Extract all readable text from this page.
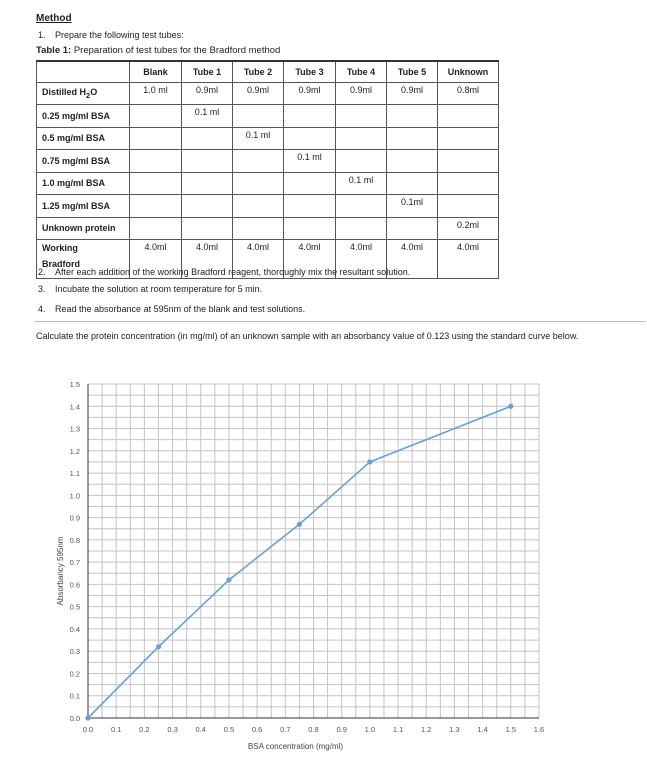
Method
1. Prepare the following test tubes:
Table 1: Preparation of test tubes for the Bradford method
	Blank	Tube 1	Tube 2	Tube 3	Tube 4	Tube 5	Unknown
Distilled $H_2O$	1.0 ml	0.9ml	0.9ml	0.9ml	0.9ml	0.9ml	0.8ml
0.25 mg/ml BSA		0.1 ml					
0.5 mg/ml BSA			0.1 ml				
0.75 mg/ml BSA				0.1 ml			
1.0 mg/ml BSA					0.1 ml		
1.25 mg/ml BSA						0.1ml	
Unknown protein							0.2ml
Working
Bradford	4.0ml	4.0ml	4.0ml	4.0ml	4.0ml	4.0ml	4.0ml
2. After each addition of the working Bradford reagent, thoroughly mix the resultant solution.
3. Incubate the solution at room temperature for 5 min.
4. Read the absorbance at 595nm of the blank and test solutions.
Calculate the protein concentration (in mg/ml) of an unknown sample with an absorbancy value of 0.123 using the standard curve below.
0.0
0.1
0.2
0.3
0.4
0.5
0.6
0.7
0.8
0.9
1.0
1.1
1.2
1.3
1.4
1.5
0.0 0.1 0.2 0.3 0.4 0.5 0.6 0.7 0.8 0.9 1.0 1.1 1.2 1.3 1.4 1.5 1.6
BSA concentration (mg/ml)
Absorbancy 595nm
